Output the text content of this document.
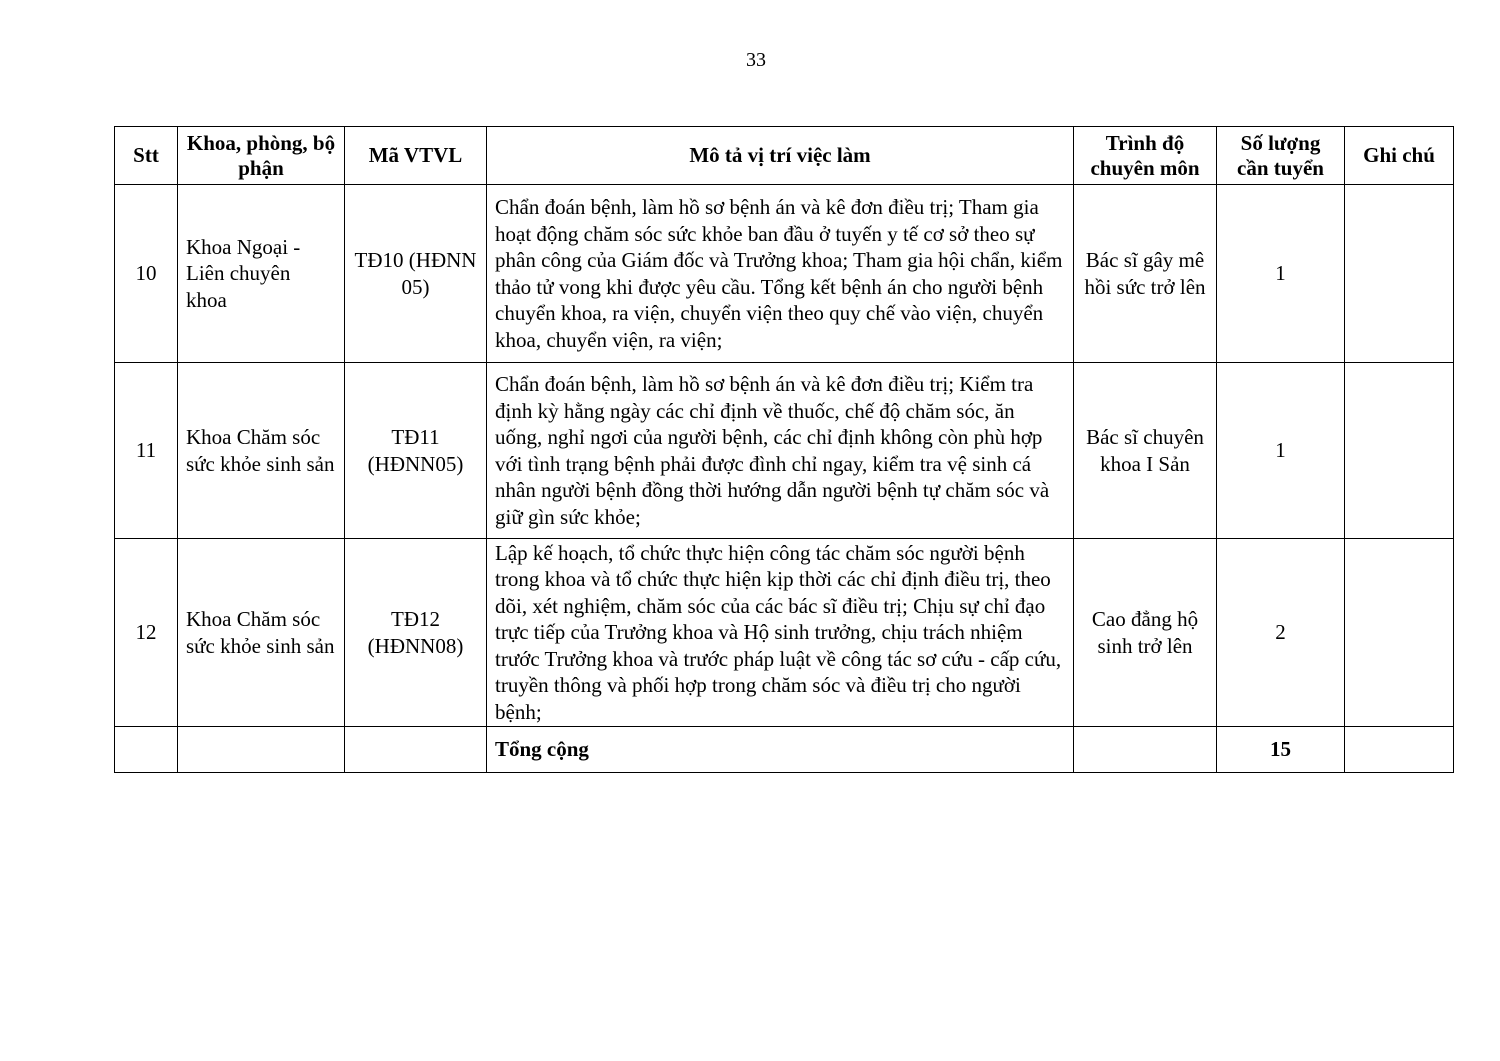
33
Stt	Khoa, phòng, bộ phận	Mã VTVL	Mô tả vị trí việc làm	Trình độ chuyên môn	Số lượng cần tuyển	Ghi chú
10	Khoa Ngoại - Liên chuyên khoa	TĐ10 (HĐNN 05)	Chẩn đoán bệnh, làm hồ sơ bệnh án và kê đơn điều trị; Tham gia hoạt động chăm sóc sức khỏe ban đầu ở tuyến y tế cơ sở theo sự phân công của Giám đốc và Trưởng khoa; Tham gia hội chẩn, kiểm thảo tử vong khi được yêu cầu. Tổng kết bệnh án cho người bệnh chuyển khoa, ra viện, chuyển viện theo quy chế vào viện, chuyển khoa, chuyển viện, ra viện;	Bác sĩ gây mê hồi sức trở lên	1	
11	Khoa Chăm sóc sức khỏe sinh sản	TĐ11 (HĐNN05)	Chẩn đoán bệnh, làm hồ sơ bệnh án và kê đơn điều trị; Kiểm tra định kỳ hằng ngày các chỉ định về thuốc, chế độ chăm sóc, ăn uống, nghỉ ngơi của người bệnh, các chỉ định không còn phù hợp với tình trạng bệnh phải được đình chỉ ngay, kiểm tra vệ sinh cá nhân người bệnh đồng thời hướng dẫn người bệnh tự chăm sóc và giữ gìn sức khỏe;	Bác sĩ chuyên khoa I Sản	1	
12	Khoa Chăm sóc sức khỏe sinh sản	TĐ12 (HĐNN08)	Lập kế hoạch, tổ chức thực hiện công tác chăm sóc người bệnh trong khoa và tổ chức thực hiện kịp thời các chỉ định điều trị, theo dõi, xét nghiệm, chăm sóc của các bác sĩ điều trị; Chịu sự chỉ đạo trực tiếp của Trưởng khoa và Hộ sinh trưởng, chịu trách nhiệm trước Trưởng khoa và trước pháp luật về công tác sơ cứu - cấp cứu, truyền thông và phối hợp trong chăm sóc và điều trị cho người bệnh;	Cao đẳng hộ sinh trở lên	2	
			Tổng cộng		15	
